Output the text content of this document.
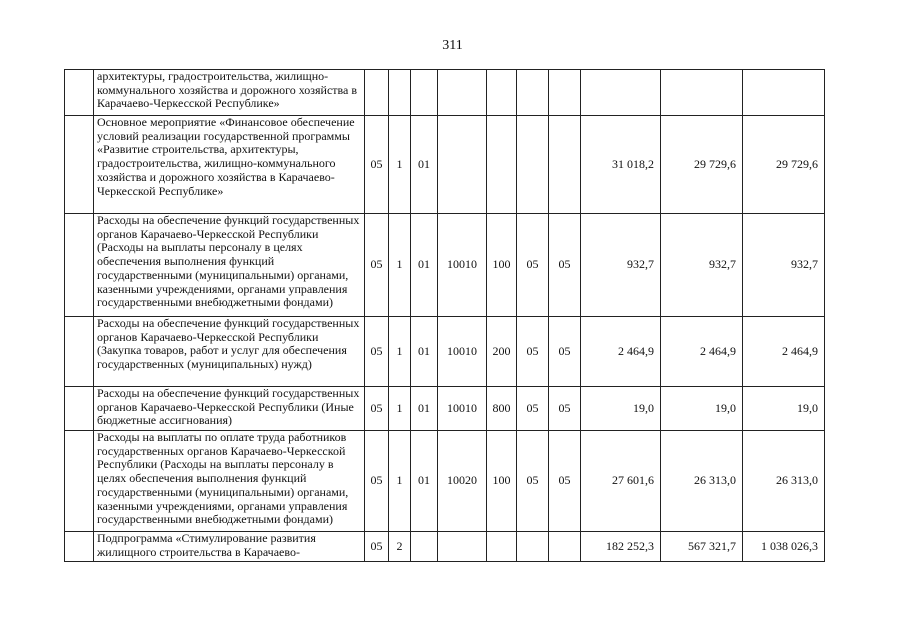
311
	архитектуры, градостроительства, жилищно-коммунального хозяйства и дорожного хозяйства в Карачаево-Черкесской Республике»										
	Основное мероприятие «Финансовое обеспечение условий реализации государственной программы «Развитие строительства, архитектуры, градостроительства, жилищно-коммунального хозяйства и дорожного хозяйства в Карачаево-Черкесской Республике»	05	1	01					31 018,2	29 729,6	29 729,6
	Расходы на обеспечение функций государственных органов Карачаево-Черкесской Республики (Расходы на выплаты персоналу в целях обеспечения выполнения функций государственными (муниципальными) органами, казенными учреждениями, органами управления государственными внебюджетными фондами)	05	1	01	10010	100	05	05	932,7	932,7	932,7
	Расходы на обеспечение функций государственных органов Карачаево-Черкесской Республики (Закупка товаров, работ и услуг для обеспечения государственных (муниципальных) нужд)	05	1	01	10010	200	05	05	2 464,9	2 464,9	2 464,9
	Расходы на обеспечение функций государственных органов Карачаево-Черкесской Республики (Иные бюджетные ассигнования)	05	1	01	10010	800	05	05	19,0	19,0	19,0
	Расходы на выплаты по оплате труда работников государственных органов Карачаево-Черкесской Республики (Расходы на выплаты персоналу в целях обеспечения выполнения функций государственными (муниципальными) органами, казенными учреждениями, органами управления государственными внебюджетными фондами)	05	1	01	10020	100	05	05	27 601,6	26 313,0	26 313,0
	Подпрограмма «Стимулирование развития жилищного строительства в Карачаево-	05	2						182 252,3	567 321,7	1 038 026,3
